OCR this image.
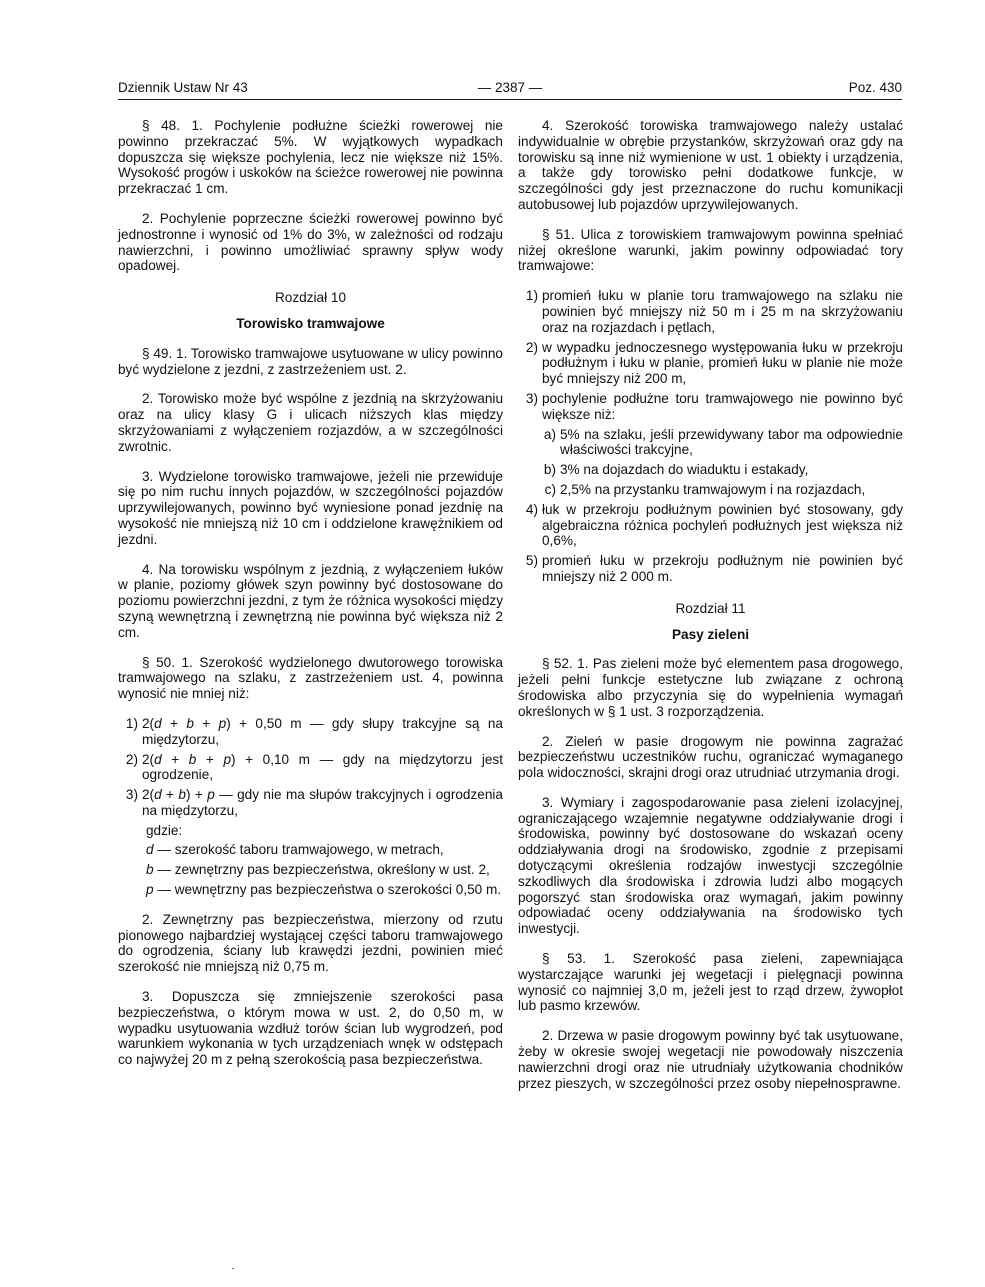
Dziennik Ustaw Nr 43	— 2387 —	Poz. 430

§ 48. 1. Pochylenie podłużne ścieżki rowerowej nie powinno przekraczać 5%. W wyjątkowych wypadkach dopuszcza się większe pochylenia, lecz nie większe niż 15%. Wysokość progów i uskoków na ścieżce rowerowej nie powinna przekraczać 1 cm.

2. Pochylenie poprzeczne ścieżki rowerowej powinno być jednostronne i wynosić od 1% do 3%, w zależności od rodzaju nawierzchni, i powinno umożliwiać sprawny spływ wody opadowej.

Rozdział 10
Torowisko tramwajowe

§ 49. 1. Torowisko tramwajowe usytuowane w ulicy powinno być wydzielone z jezdni, z zastrzeżeniem ust. 2.

2. Torowisko może być wspólne z jezdnią na skrzyżowaniu oraz na ulicy klasy G i ulicach niższych klas między skrzyżowaniami z wyłączeniem rozjazdów, a w szczególności zwrotnic.

3. Wydzielone torowisko tramwajowe, jeżeli nie przewiduje się po nim ruchu innych pojazdów, w szczególności pojazdów uprzywilejowanych, powinno być wyniesione ponad jezdnię na wysokość nie mniejszą niż 10 cm i oddzielone krawężnikiem od jezdni.

4. Na torowisku wspólnym z jezdnią, z wyłączeniem łuków w planie, poziomy główek szyn powinny być dostosowane do poziomu powierzchni jezdni, z tym że różnica wysokości między szyną wewnętrzną i zewnętrzną nie powinna być większa niż 2 cm.

§ 50. 1. Szerokość wydzielonego dwutorowego torowiska tramwajowego na szlaku, z zastrzeżeniem ust. 4, powinna wynosić nie mniej niż:

1) 2(d + b + p) + 0,50 m — gdy słupy trakcyjne są na międzytorzu,
2) 2(d + b + p) + 0,10 m — gdy na międzytorzu jest ogrodzenie,
3) 2(d + b) + p — gdy nie ma słupów trakcyjnych i ogrodzenia na międzytorzu,
gdzie:
d — szerokość taboru tramwajowego, w metrach,
b — zewnętrzny pas bezpieczeństwa, określony w ust. 2,
p — wewnętrzny pas bezpieczeństwa o szerokości 0,50 m.

2. Zewnętrzny pas bezpieczeństwa, mierzony od rzutu pionowego najbardziej wystającej części taboru tramwajowego do ogrodzenia, ściany lub krawędzi jezdni, powinien mieć szerokość nie mniejszą niż 0,75 m.

3. Dopuszcza się zmniejszenie szerokości pasa bezpieczeństwa, o którym mowa w ust. 2, do 0,50 m, w wypadku usytuowania wzdłuż torów ścian lub wygrodzeń, pod warunkiem wykonania w tych urządzeniach wnęk w odstępach co najwyżej 20 m z pełną szerokością pasa bezpieczeństwa.

4. Szerokość torowiska tramwajowego należy ustalać indywidualnie w obrębie przystanków, skrzyżowań oraz gdy na torowisku są inne niż wymienione w ust. 1 obiekty i urządzenia, a także gdy torowisko pełni dodatkowe funkcje, w szczególności gdy jest przeznaczone do ruchu komunikacji autobusowej lub pojazdów uprzywilejowanych.

§ 51. Ulica z torowiskiem tramwajowym powinna spełniać niżej określone warunki, jakim powinny odpowiadać tory tramwajowe:

1) promień łuku w planie toru tramwajowego na szlaku nie powinien być mniejszy niż 50 m i 25 m na skrzyżowaniu oraz na rozjazdach i pętlach,
2) w wypadku jednoczesnego występowania łuku w przekroju podłużnym i łuku w planie, promień łuku w planie nie może być mniejszy niż 200 m,
3) pochylenie podłużne toru tramwajowego nie powinno być większe niż:
a) 5% na szlaku, jeśli przewidywany tabor ma odpowiednie właściwości trakcyjne,
b) 3% na dojazdach do wiaduktu i estakady,
c) 2,5% na przystanku tramwajowym i na rozjazdach,
4) łuk w przekroju podłużnym powinien być stosowany, gdy algebraiczna różnica pochyleń podłużnych jest większa niż 0,6%,
5) promień łuku w przekroju podłużnym nie powinien być mniejszy niż 2 000 m.
Rozdział 11
Pasy zieleni

§ 52. 1. Pas zieleni może być elementem pasa drogowego, jeżeli pełni funkcje estetyczne lub związane z ochroną środowiska albo przyczynia się do wypełnienia wymagań określonych w § 1 ust. 3 rozporządzenia.

2. Zieleń w pasie drogowym nie powinna zagrażać bezpieczeństwu uczestników ruchu, ograniczać wymaganego pola widoczności, skrajni drogi oraz utrudniać utrzymania drogi.

3. Wymiary i zagospodarowanie pasa zieleni izolacyjnej, ograniczającego wzajemnie negatywne oddziaływanie drogi i środowiska, powinny być dostosowane do wskazań oceny oddziaływania drogi na środowisko, zgodnie z przepisami dotyczącymi określenia rodzajów inwestycji szczególnie szkodliwych dla środowiska i zdrowia ludzi albo mogących pogorszyć stan środowiska oraz wymagań, jakim powinny odpowiadać oceny oddziaływania na środowisko tych inwestycji.

§ 53. 1. Szerokość pasa zieleni, zapewniająca wystarczające warunki jej wegetacji i pielęgnacji powinna wynosić co najmniej 3,0 m, jeżeli jest to rząd drzew, żywopłot lub pasmo krzewów.

2. Drzewa w pasie drogowym powinny być tak usytuowane, żeby w okresie swojej wegetacji nie powodowały niszczenia nawierzchni drogi oraz nie utrudniały użytkowania chodników przez pieszych, w szczególności przez osoby niepełnosprawne.
